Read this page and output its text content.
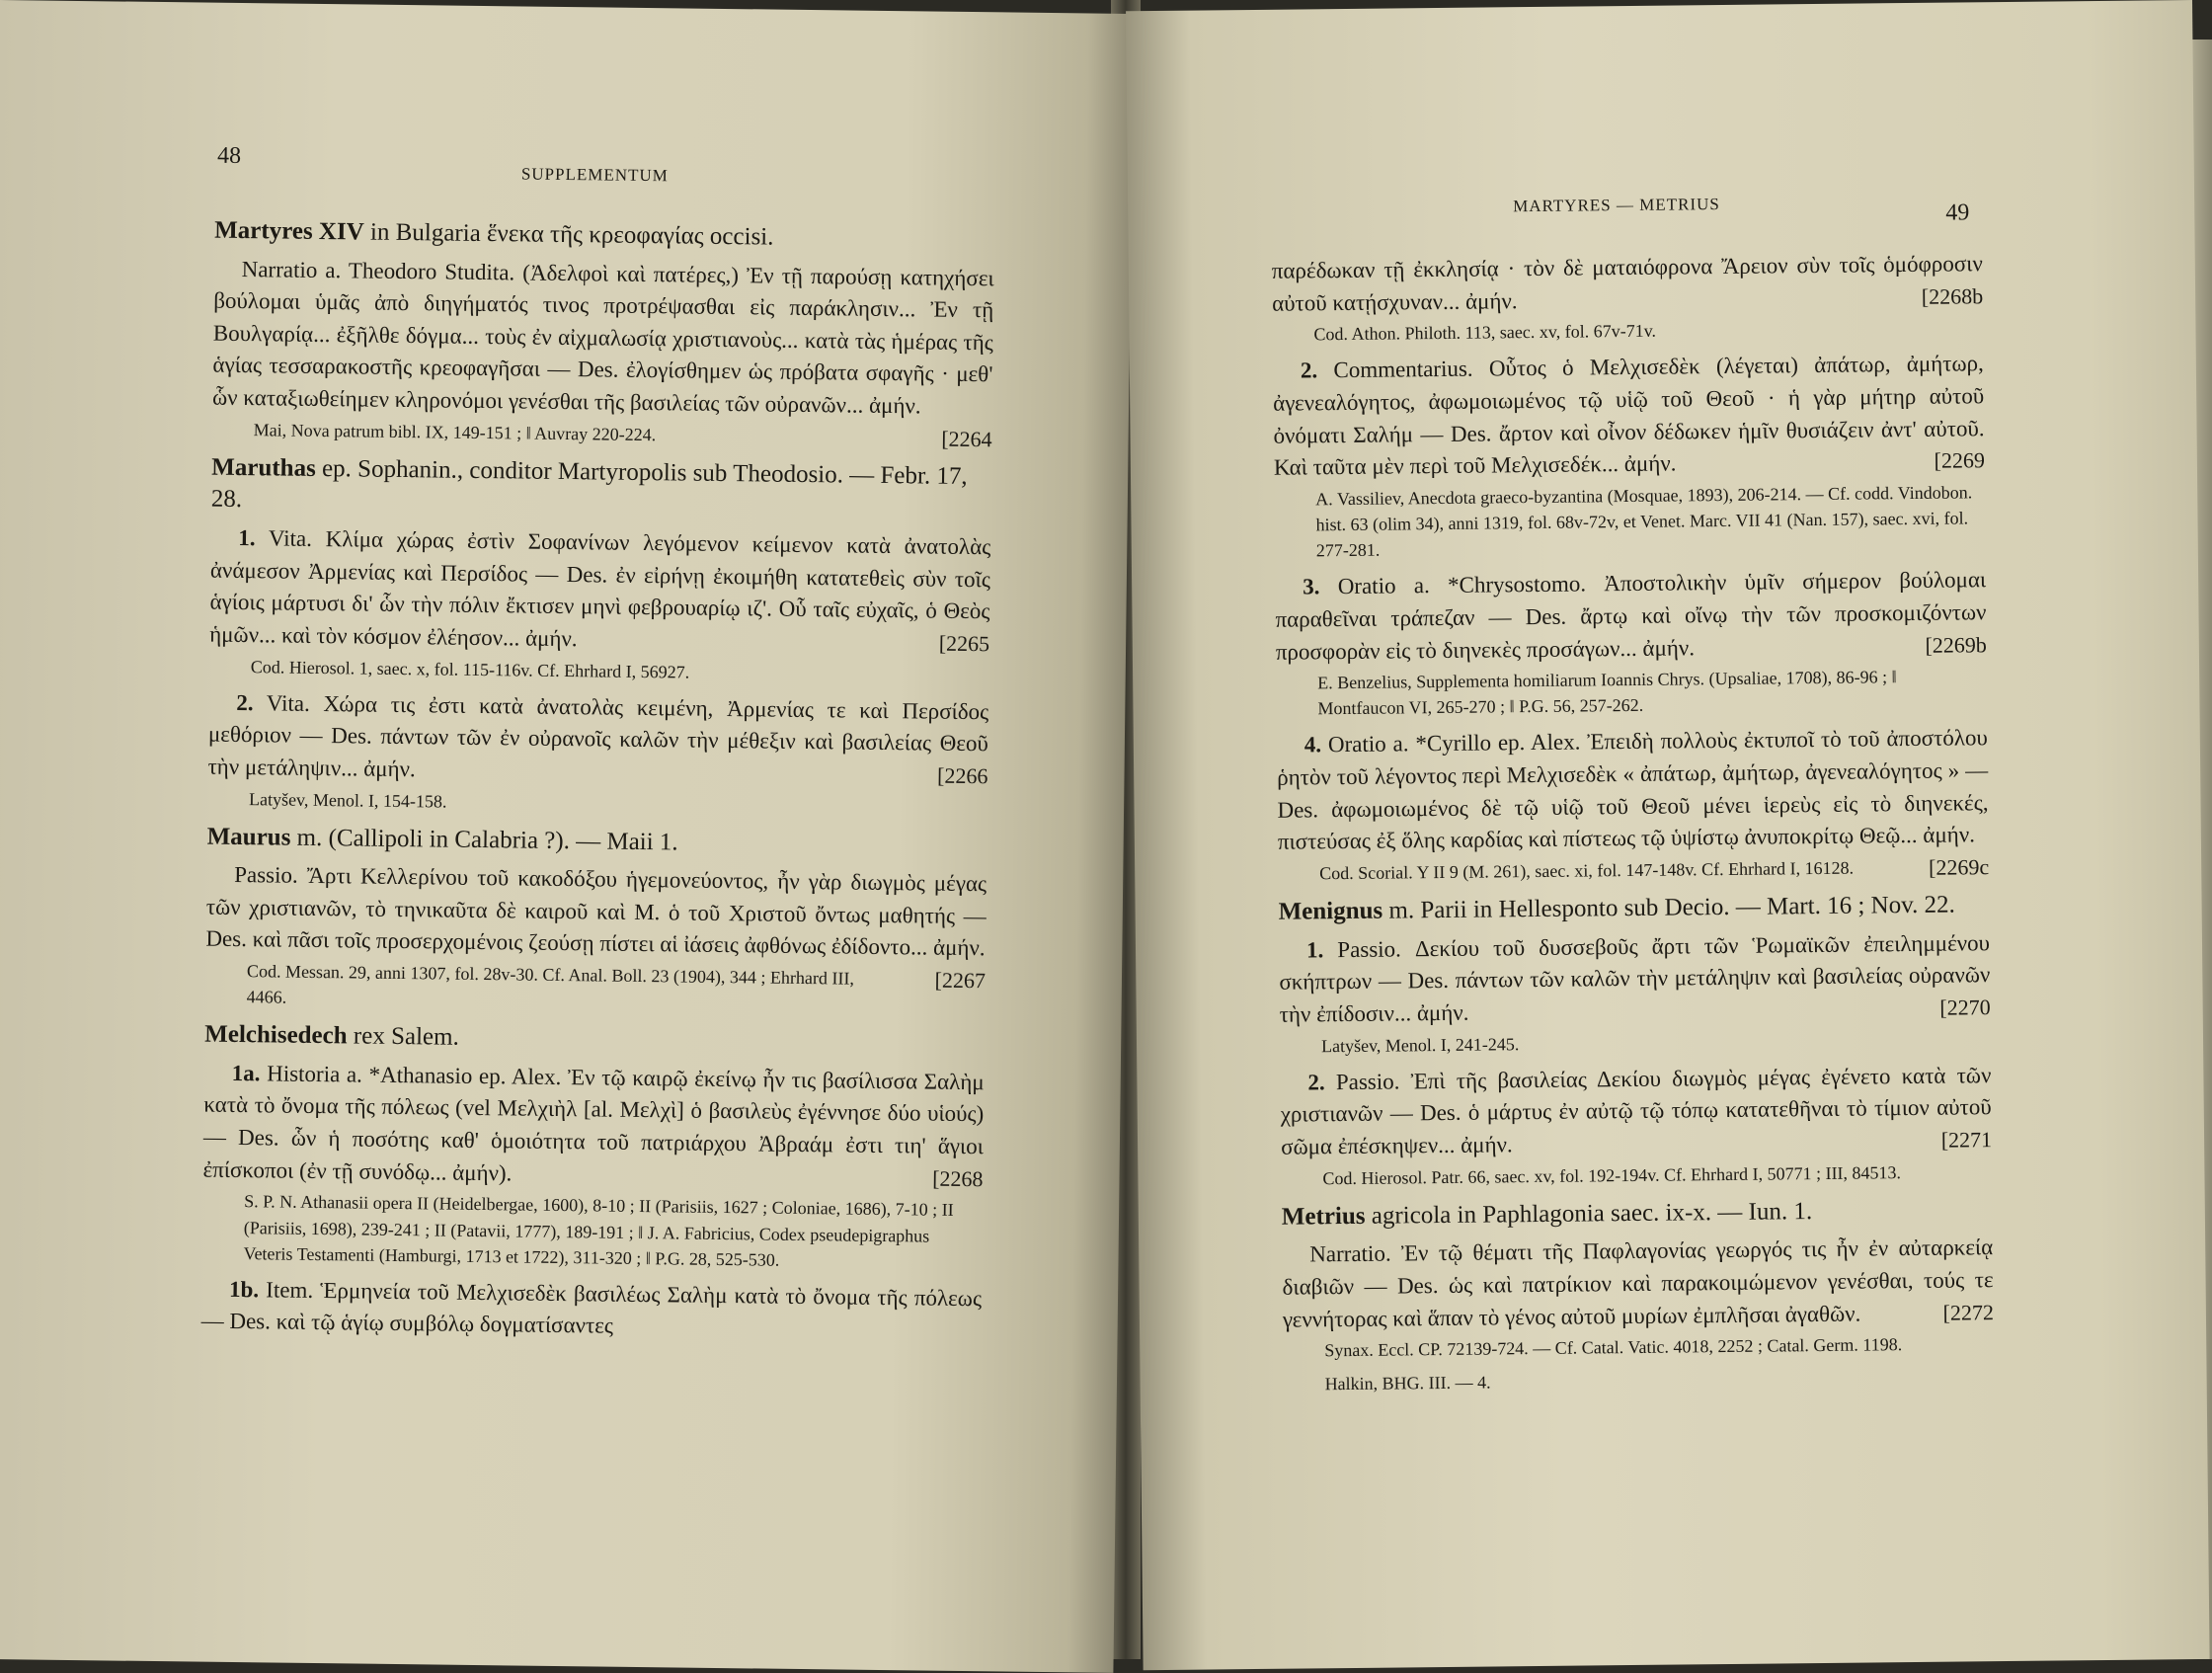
48
SUPPLEMENTUM
Martyres XIV in Bulgaria ἕνεκα τῆς κρεοφαγίας occisi.
Narratio a. Theodoro Studita. (Ἀδελφοὶ καὶ πατέρες,) Ἐν τῇ παρούσῃ κατηχήσει βούλομαι ὑμᾶς ἀπὸ διηγήματός τινος προτρέψασθαι εἰς παράκλησιν... Ἐν τῇ Βουλγαρίᾳ... ἐξῆλθε δόγμα... τοὺς ἐν αἰχμαλωσίᾳ χριστιανοὺς... κατὰ τὰς ἡμέρας τῆς ἁγίας τεσσαρακοστῆς κρεοφαγῆσαι — Des. ἐλογίσθημεν ὡς πρόβατα σφαγῆς · μεθ' ὧν καταξιωθείημεν κληρονόμοι γενέσθαι τῆς βασιλείας τῶν οὐρανῶν... ἀμήν.
[2264
Mai, Nova patrum bibl. IX, 149-151 ; ‖ Auvray 220-224.
Maruthas ep. Sophanin., conditor Martyropolis sub Theodosio. — Febr. 17, 28.
1. Vita. Κλίμα χώρας ἐστὶν Σοφανίνων λεγόμενον κείμενον κατὰ ἀνατολὰς ἀνάμεσον Ἀρμενίας καὶ Περσίδος — Des. ἐν εἰρήνῃ ἐκοιμήθη κατατεθεὶς σὺν τοῖς ἁγίοις μάρτυσι δι' ὧν τὴν πόλιν ἔκτισεν μηνὶ φεβρουαρίῳ ιζ'. Οὗ ταῖς εὐχαῖς, ὁ Θεὸς ἡμῶν... καὶ τὸν κόσμον ἐλέησον... ἀμήν.	[2265
Cod. Hierosol. 1, saec. x, fol. 115-116v. Cf. Ehrhard I, 56927.
2. Vita. Χώρα τις ἐστι κατὰ ἀνατολὰς κειμένη, Ἀρμενίας τε καὶ Περσίδος μεθόριον — Des. πάντων τῶν ἐν οὐρανοῖς καλῶν τὴν μέθεξιν καὶ βασιλείας Θεοῦ τὴν μετάληψιν... ἀμήν.	[2266
Latyšev, Menol. I, 154-158.
Maurus m. (Callipoli in Calabria ?). — Maii 1.
Passio. Ἄρτι Κελλερίνου τοῦ κακοδόξου ἡγεμονεύοντος, ἦν γὰρ διωγμὸς μέγας τῶν χριστιανῶν, τὸ τηνικαῦτα δὲ καιροῦ καὶ Μ. ὁ τοῦ Χριστοῦ ὄντως μαθητής — Des. καὶ πᾶσι τοῖς προσερχομένοις ζεούσῃ πίστει αἱ ἰάσεις ἀφθόνως ἐδίδοντο... ἀμήν.
[2267
Cod. Messan. 29, anni 1307, fol. 28v-30. Cf. Anal. Boll. 23 (1904), 344 ; Ehrhard III, 4466.
Melchisedech rex Salem.
1a. Historia a. *Athanasio ep. Alex. Ἐν τῷ καιρῷ ἐκείνῳ ἦν τις βασίλισσα Σαλὴμ κατὰ τὸ ὄνομα τῆς πόλεως (vel Μελχιὴλ [al. Μελχὶ] ὁ βασιλεὺς ἐγέννησε δύο υἱούς) — Des. ὧν ἡ ποσότης καθ' ὁμοιότητα τοῦ πατριάρχου Ἀβραάμ ἐστι τιη' ἅγιοι ἐπίσκοποι (ἐν τῇ συνόδῳ... ἀμήν).	[2268
S. P. N. Athanasii opera II (Heidelbergae, 1600), 8-10 ; II (Parisiis, 1627 ; Coloniae, 1686), 7-10 ; II (Parisiis, 1698), 239-241 ; II (Patavii, 1777), 189-191 ; ‖ J. A. Fabricius, Codex pseudepigraphus Veteris Testamenti (Hamburgi, 1713 et 1722), 311-320 ; ‖ P.G. 28, 525-530.
1b. Item. Ἑρμηνεία τοῦ Μελχισεδὲκ βασιλέως Σαλὴμ κατὰ τὸ ὄνομα τῆς πόλεως — Des. καὶ τῷ ἁγίῳ συμβόλῳ δογματίσαντες
MARTYRES — METRIUS	49
παρέδωκαν τῇ ἐκκλησίᾳ · τὸν δὲ ματαιόφρονα Ἄρειον σὺν τοῖς ὁμόφροσιν αὐτοῦ κατῄσχυναν... ἀμήν.	[2268b
Cod. Athon. Philoth. 113, saec. xv, fol. 67v-71v.
2. Commentarius. Οὗτος ὁ Μελχισεδὲκ (λέγεται) ἀπάτωρ, ἀμήτωρ, ἀγενεαλόγητος, ἀφωμοιωμένος τῷ υἱῷ τοῦ Θεοῦ · ἡ γὰρ μήτηρ αὐτοῦ ὀνόματι Σαλήμ — Des. ἄρτον καὶ οἶνον δέδωκεν ἡμῖν θυσιάζειν ἀντ' αὐτοῦ. Καὶ ταῦτα μὲν περὶ τοῦ Μελχισεδέκ... ἀμήν.	[2269
A. Vassiliev, Anecdota graeco-byzantina (Mosquae, 1893), 206-214. — Cf. codd. Vindobon. hist. 63 (olim 34), anni 1319, fol. 68v-72v, et Venet. Marc. VII 41 (Nan. 157), saec. xvi, fol. 277-281.
3. Oratio a. *Chrysostomo. Ἀποστολικὴν ὑμῖν σήμερον βούλομαι παραθεῖναι τράπεζαν — Des. ἄρτῳ καὶ οἴνῳ τὴν τῶν προσκομιζόντων προσφορὰν εἰς τὸ διηνεκὲς προσάγων... ἀμήν.	[2269b
E. Benzelius, Supplementa homiliarum Ioannis Chrys. (Upsaliae, 1708), 86-96 ; ‖ Montfaucon VI, 265-270 ; ‖ P.G. 56, 257-262.
4. Oratio a. *Cyrillo ep. Alex. Ἐπειδὴ πολλοὺς ἐκτυποῖ τὸ τοῦ ἀποστόλου ῥητὸν τοῦ λέγοντος περὶ Μελχισεδὲκ « ἀπάτωρ, ἀμήτωρ, ἀγενεαλόγητος » — Des. ἀφωμοιωμένος δὲ τῷ υἱῷ τοῦ Θεοῦ μένει ἱερεὺς εἰς τὸ διηνεκές, πιστεύσας ἐξ ὅλης καρδίας καὶ πίστεως τῷ ὑψίστῳ ἀνυποκρίτῳ Θεῷ... ἀμήν.
[2269c
Cod. Scorial. Y II 9 (M. 261), saec. xi, fol. 147-148v. Cf. Ehrhard I, 16128.
Menignus m. Parii in Hellesponto sub Decio. — Mart. 16 ; Nov. 22.
1. Passio. Δεκίου τοῦ δυσσεβοῦς ἄρτι τῶν Ῥωμαϊκῶν ἐπειλημμένου σκήπτρων — Des. πάντων τῶν καλῶν τὴν μετάληψιν καὶ βασιλείας οὐρανῶν τὴν ἐπίδοσιν... ἀμήν.	[2270
Latyšev, Menol. I, 241-245.
2. Passio. Ἐπὶ τῆς βασιλείας Δεκίου διωγμὸς μέγας ἐγένετο κατὰ τῶν χριστιανῶν — Des. ὁ μάρτυς ἐν αὐτῷ τῷ τόπῳ κατατεθῆναι τὸ τίμιον αὐτοῦ σῶμα ἐπέσκηψεν... ἀμήν.	[2271
Cod. Hierosol. Patr. 66, saec. xv, fol. 192-194v. Cf. Ehrhard I, 50771 ; III, 84513.
Metrius agricola in Paphlagonia saec. ix-x. — Iun. 1.
Narratio. Ἐν τῷ θέματι τῆς Παφλαγονίας γεωργός τις ἦν ἐν αὐταρκείᾳ διαβιῶν — Des. ὡς καὶ πατρίκιον καὶ παρακοιμώμενον γενέσθαι, τούς τε γεννήτορας καὶ ἅπαν τὸ γένος αὐτοῦ μυρίων ἐμπλῆσαι ἀγαθῶν.	[2272
Synax. Eccl. CP. 72139-724. — Cf. Catal. Vatic. 4018, 2252 ; Catal. Germ. 1198.
Halkin, BHG. III. — 4.
